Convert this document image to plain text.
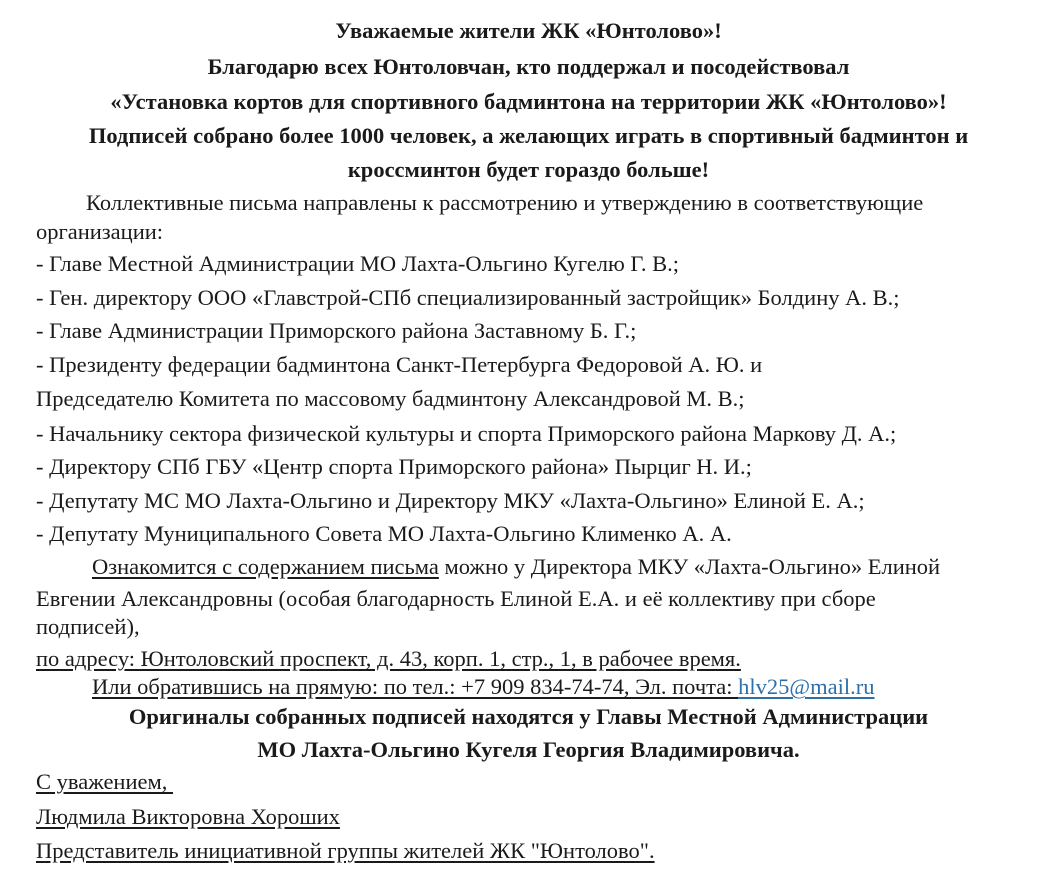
Уважаемые жители ЖК «Юнтолово»!
Благодарю всех Юнтоловчан, кто поддержал и посодействовал
«Установка кортов для спортивного бадминтона на территории ЖК «Юнтолово»!
Подписей собрано более 1000 человек, а желающих играть в спортивный бадминтон и
кроссминтон будет гораздо больше!
Коллективные письма направлены к рассмотрению и утверждению в соответствующие
организации:
- Главе Местной Администрации МО Лахта-Ольгино Кугелю Г. В.;
- Ген. директору ООО «Главстрой-СПб специализированный застройщик» Болдину А. В.;
- Главе Администрации Приморского района Заставному Б. Г.;
- Президенту федерации бадминтона Санкт-Петербурга Федоровой А. Ю. и
Председателю Комитета по массовому бадминтону Александровой М. В.;
- Начальнику сектора физической культуры и спорта Приморского района Маркову Д. А.;
- Директору СПб ГБУ «Центр спорта Приморского района» Пырциг Н. И.;
- Депутату МС МО Лахта-Ольгино и Директору МКУ «Лахта-Ольгино» Елиной Е. А.;
- Депутату Муниципального Совета МО Лахта-Ольгино Клименко А. А.
Ознакомится с содержанием письма можно у Директора МКУ «Лахта-Ольгино» Елиной
Евгении Александровны (особая благодарность Елиной Е.А. и её коллективу при сборе
подписей),
по адресу: Юнтоловский проспект, д. 43, корп. 1, стр., 1, в рабочее время.
Или обратившись на прямую: по тел.: +7 909 834-74-74, Эл. почта: hlv25@mail.ru
Оригиналы собранных подписей находятся у Главы Местной Администрации
МО Лахта-Ольгино Кугеля Георгия Владимировича.
С уважением,
Людмила Викторовна Хороших
Представитель инициативной группы жителей ЖК "Юнтолово".
